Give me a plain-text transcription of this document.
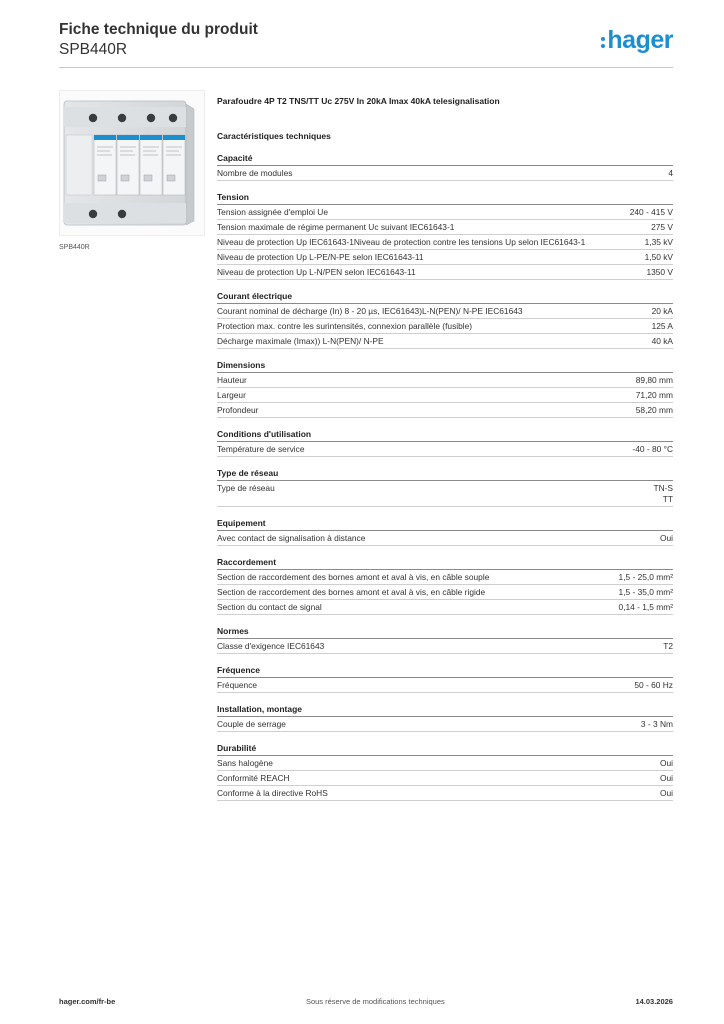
Fiche technique du produit
SPB440R	hager
SPB440R
Parafoudre 4P T2 TNS/TT Uc 275V In 20kA Imax 40kA telesignalisation
Caractéristiques techniques
Capacité
Nombre de modules	4
Tension
Tension assignée d'emploi Ue	240 - 415 V
Tension maximale de régime permanent Uc suivant IEC61643-1	275 V
Niveau de protection Up IEC61643-1Niveau de protection contre les tensions Up selon IEC61643-1	1,35 kV
Niveau de protection Up L-PE/N-PE selon IEC61643-11	1,50 kV
Niveau de protection Up L-N/PEN selon IEC61643-11	1350 V
Courant électrique
Courant nominal de décharge (In) 8 - 20 µs, IEC61643)L-N(PEN)/ N-PE IEC61643	20 kA
Protection max. contre les surintensités, connexion parallèle (fusible)	125 A
Décharge maximale (Imax)) L-N(PEN)/ N-PE	40 kA
Dimensions
Hauteur	89,80 mm
Largeur	71,20 mm
Profondeur	58,20 mm
Conditions d'utilisation
Température de service	-40 - 80 °C
Type de réseau
Type de réseau	TN-S
TT
Equipement
Avec contact de signalisation à distance	Oui
Raccordement
Section de raccordement des bornes amont et aval à vis, en câble souple	1,5 - 25,0 mm²
Section de raccordement des bornes amont et aval à vis, en câble rigide	1,5 - 35,0 mm²
Section du contact de signal	0,14 - 1,5 mm²
Normes
Classe d'exigence IEC61643	T2
Fréquence
Fréquence	50 - 60 Hz
Installation, montage
Couple de serrage	3 - 3 Nm
Durabilité
Sans halogène	Oui
Conformité REACH	Oui
Conforme à la directive RoHS	Oui
hager.com/fr-be	Sous réserve de modifications techniques	14.03.2026
